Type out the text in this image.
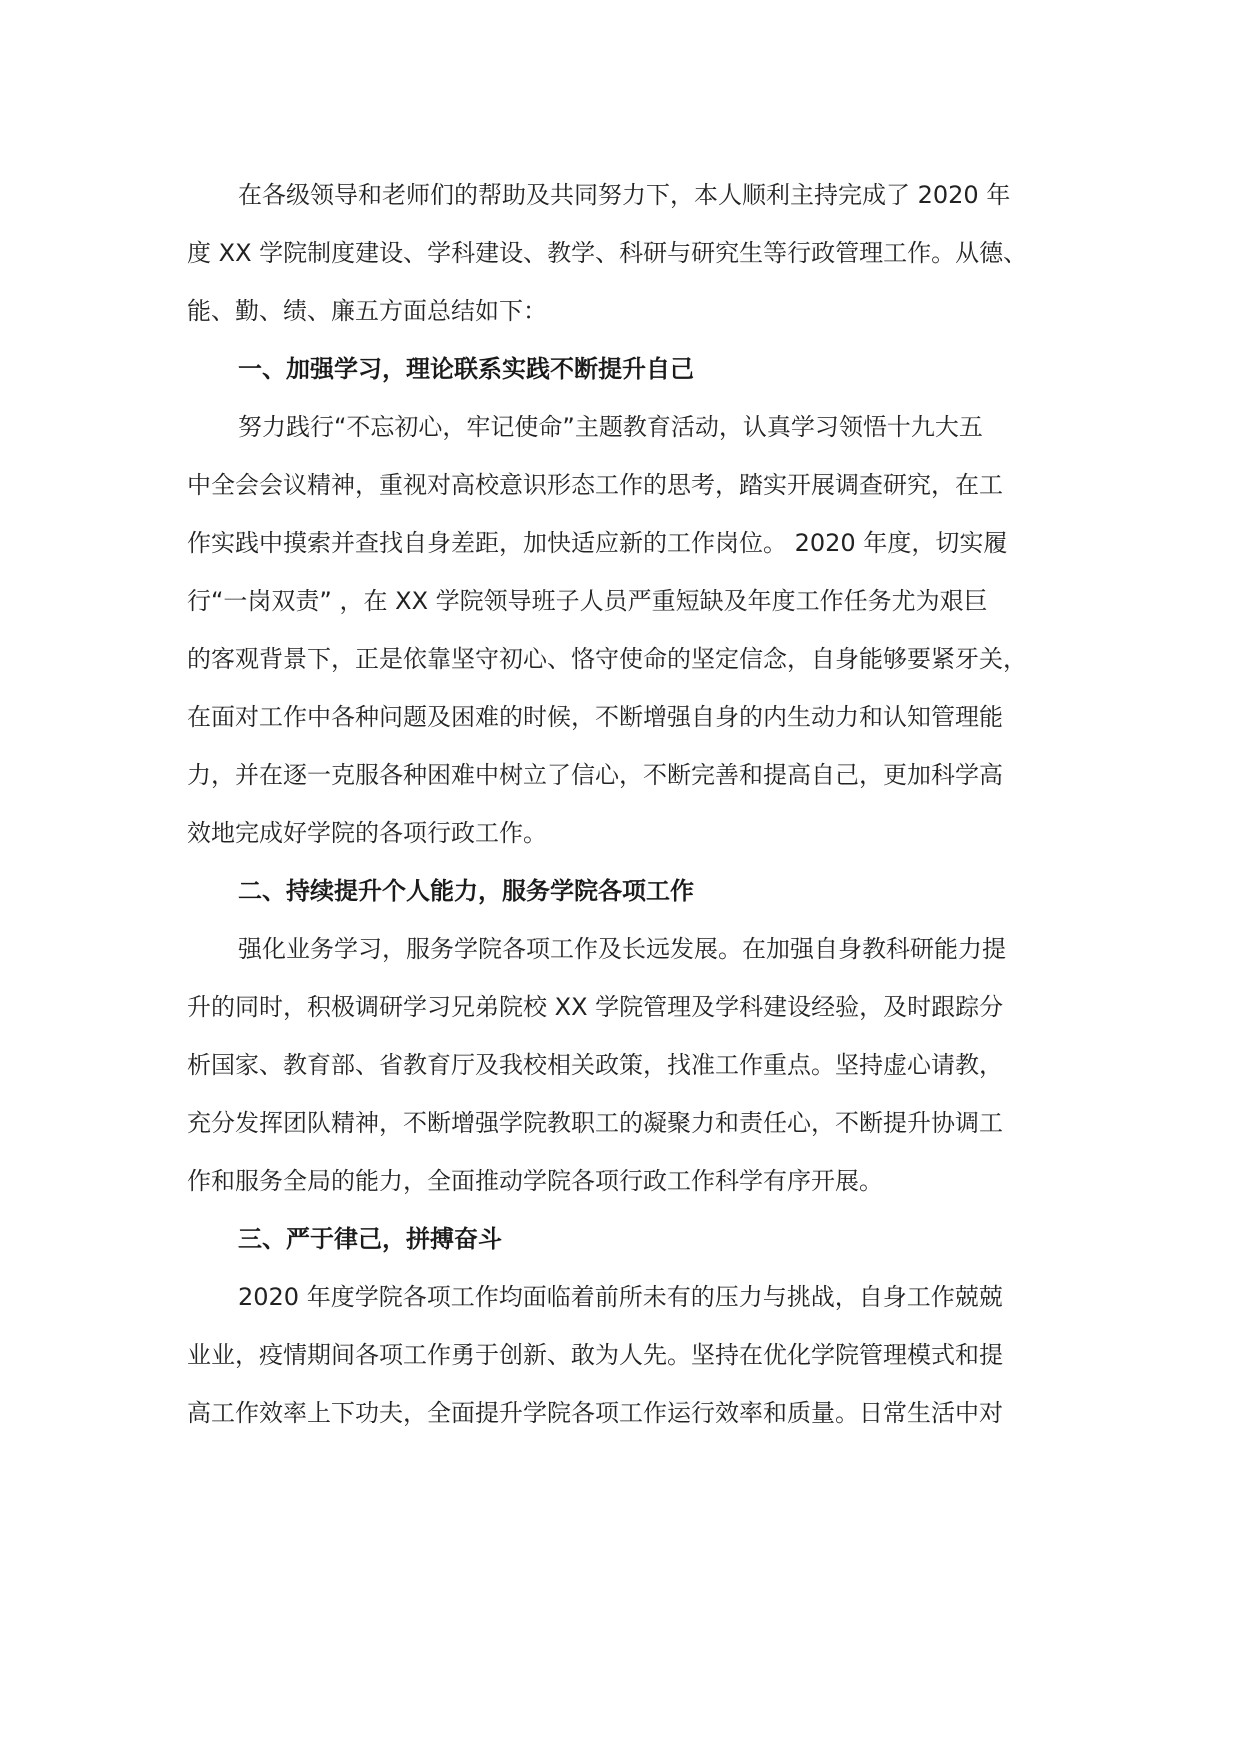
在各级领导和老师们的帮助及共同努力下，本人顺利主持完成了 2020 年
度 XX 学院制度建设、学科建设、教学、科研与研究生等行政管理工作。从德、
能、勤、绩、廉五方面总结如下：
一、加强学习，理论联系实践不断提升自己
努力践行“不忘初心，牢记使命”主题教育活动，认真学习领悟十九大五
中全会会议精神，重视对高校意识形态工作的思考，踏实开展调查研究，在工
作实践中摸索并查找自身差距，加快适应新的工作岗位。 2020 年度，切实履
行“一岗双责” ，在 XX 学院领导班子人员严重短缺及年度工作任务尤为艰巨
的客观背景下，正是依靠坚守初心、恪守使命的坚定信念，自身能够要紧牙关，
在面对工作中各种问题及困难的时候，不断增强自身的内生动力和认知管理能
力，并在逐一克服各种困难中树立了信心，不断完善和提高自己，更加科学高
效地完成好学院的各项行政工作。
二、持续提升个人能力，服务学院各项工作
强化业务学习，服务学院各项工作及长远发展。在加强自身教科研能力提
升的同时，积极调研学习兄弟院校 XX 学院管理及学科建设经验，及时跟踪分
析国家、教育部、省教育厅及我校相关政策，找准工作重点。坚持虚心请教，
充分发挥团队精神，不断增强学院教职工的凝聚力和责任心，不断提升协调工
作和服务全局的能力，全面推动学院各项行政工作科学有序开展。
三、严于律己，拼搏奋斗
2020 年度学院各项工作均面临着前所未有的压力与挑战，自身工作兢兢
业业，疫情期间各项工作勇于创新、敢为人先。坚持在优化学院管理模式和提
高工作效率上下功夫，全面提升学院各项工作运行效率和质量。日常生活中对
